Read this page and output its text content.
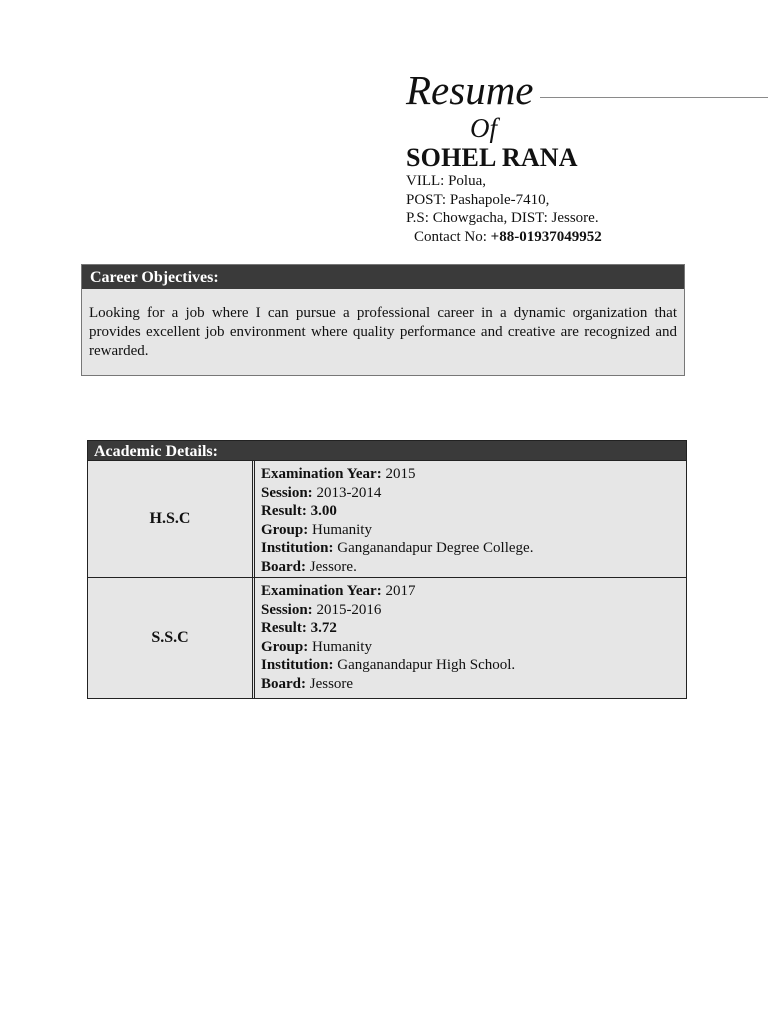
Resume
Of
SOHEL RANA
VILL: Polua,
POST: Pashapole-7410,
P.S: Chowgacha, DIST: Jessore.
Contact No: +88-01937049952
Career Objectives:
Looking for a job where I can pursue a professional career in a dynamic organization that provides excellent job environment where quality performance and creative are recognized and rewarded.
Academic Details:
H.S.C
Examination Year: 2015
Session: 2013-2014
Result: 3.00
Group: Humanity
Institution: Ganganandapur Degree College.
Board: Jessore.
S.S.C
Examination Year: 2017
Session: 2015-2016
Result: 3.72
Group: Humanity
Institution: Ganganandapur High School.
Board: Jessore
